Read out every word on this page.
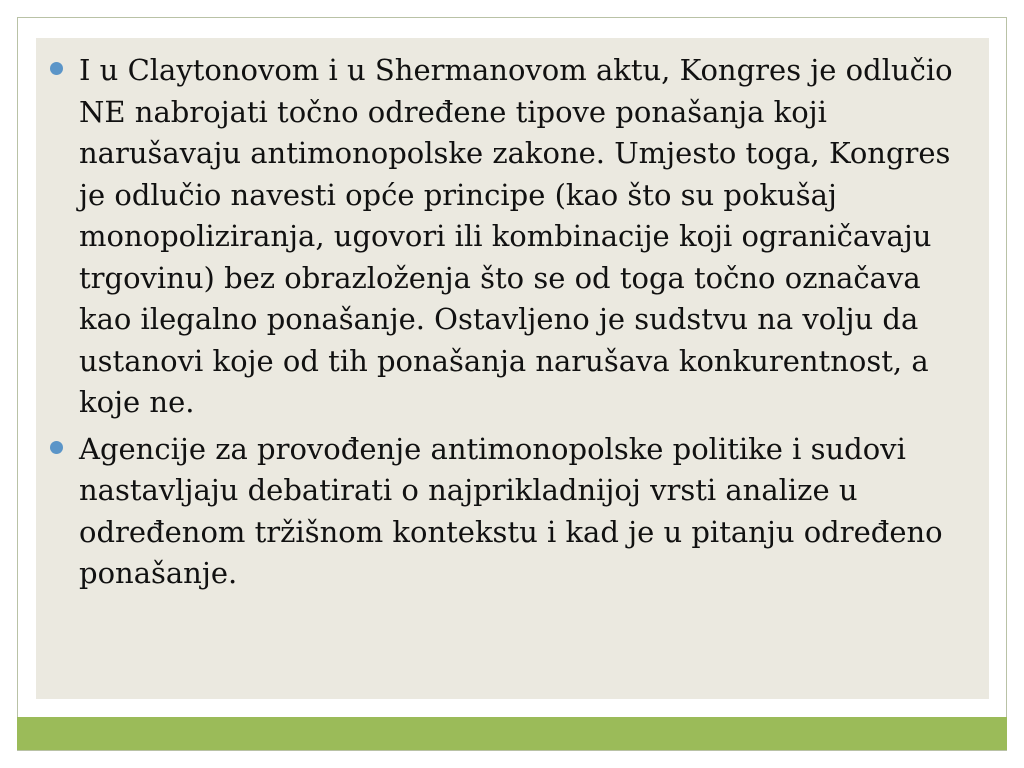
I u Claytonovom i u Shermanovom aktu, Kongres je odlučio NE nabrojati točno određene tipove ponašanja koji narušavaju antimonopolske zakone. Umjesto toga, Kongres je odlučio navesti opće principe (kao što su pokušaj monopoliziranja, ugovori ili kombinacije koji ograničavaju trgovinu) bez obrazloženja što se od toga točno označava kao ilegalno ponašanje. Ostavljeno je sudstvu na volju da ustanovi koje od tih ponašanja narušava konkurentnost, a koje ne.
Agencije za provođenje antimonopolske politike i sudovi nastavljaju debatirati o najprikladnijoj vrsti analize u određenom tržišnom kontekstu i kad je u pitanju određeno ponašanje.
